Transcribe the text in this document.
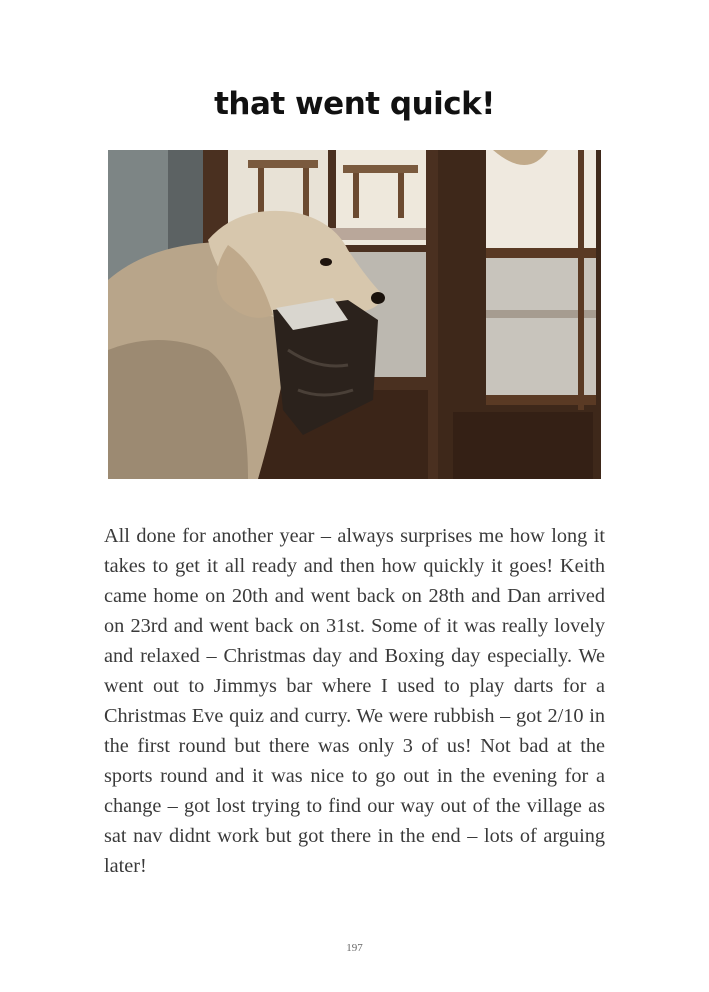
that went quick!

All done for another year – always surprises me how long it takes to get it all ready and then how quickly it goes! Keith came home on 20th and went back on 28th and Dan arrived on 23rd and went back on 31st. Some of it was really lovely and relaxed – Christmas day and Boxing day especially. We went out to Jimmys bar where I used to play darts for a Christmas Eve quiz and curry. We were rubbish – got 2/10 in the first round but there was only 3 of us! Not bad at the sports round and it was nice to go out in the evening for a change – got lost trying to find our way out of the village as sat nav didnt work but got there in the end – lots of arguing later!

197
